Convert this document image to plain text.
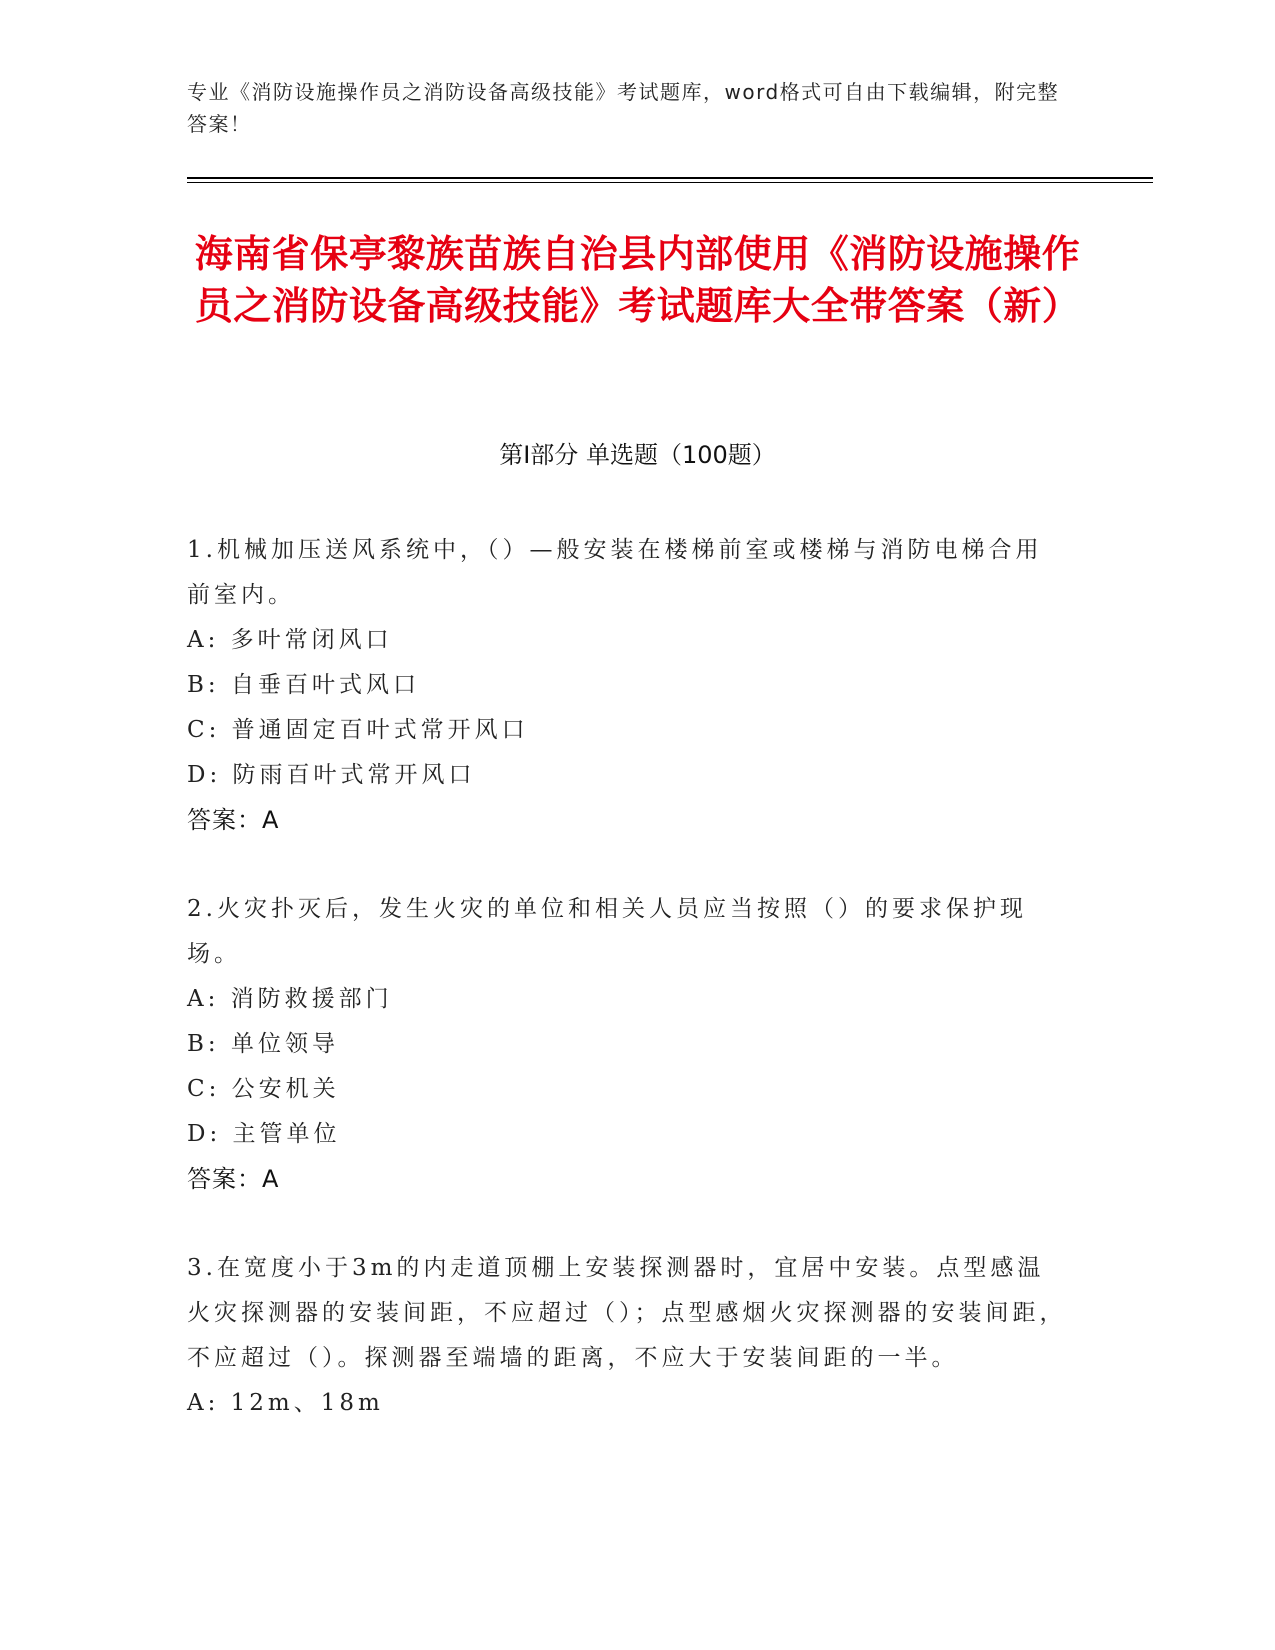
专业《消防设施操作员之消防设备高级技能》考试题库，word格式可自由下载编辑，附完整答案！
海南省保亭黎族苗族自治县内部使用《消防设施操作员之消防设备高级技能》考试题库大全带答案（新）
第Ⅰ部分 单选题（100题）
1.机械加压送风系统中，（）—般安装在楼梯前室或楼梯与消防电梯合用前室内。
A: 多叶常闭风口
B: 自垂百叶式风口
C: 普通固定百叶式常开风口
D: 防雨百叶式常开风口
答案：A
2.火灾扑灭后，发生火灾的单位和相关人员应当按照（）的要求保护现场。
A: 消防救援部门
B: 单位领导
C: 公安机关
D: 主管单位
答案：A
3.在宽度小于3m的内走道顶棚上安装探测器时，宜居中安装。点型感温火灾探测器的安装间距，不应超过（）；点型感烟火灾探测器的安装间距，不应超过（）。探测器至端墙的距离，不应大于安装间距的一半。
A: 12m、18m
